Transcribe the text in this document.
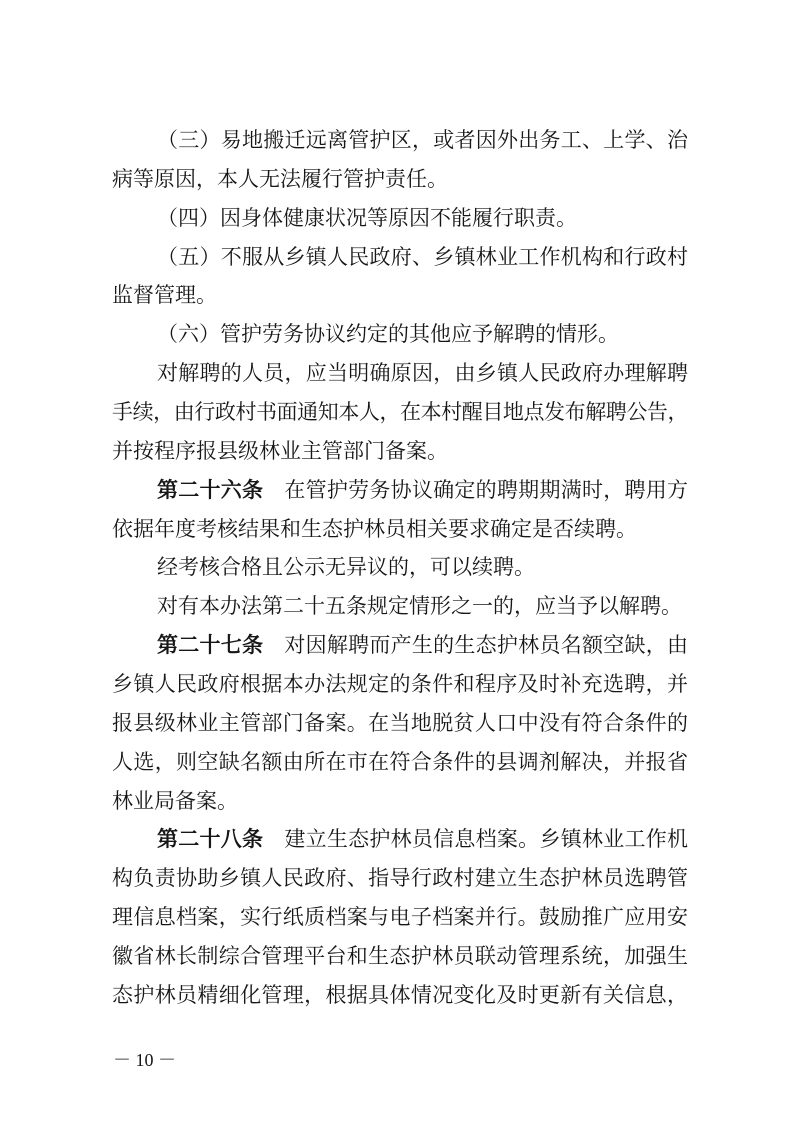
（三）易地搬迁远离管护区，或者因外出务工、上学、治
病等原因，本人无法履行管护责任。
（四）因身体健康状况等原因不能履行职责。
（五）不服从乡镇人民政府、乡镇林业工作机构和行政村
监督管理。
（六）管护劳务协议约定的其他应予解聘的情形。
对解聘的人员，应当明确原因，由乡镇人民政府办理解聘
手续，由行政村书面通知本人，在本村醒目地点发布解聘公告，
并按程序报县级林业主管部门备案。
第二十六条 在管护劳务协议确定的聘期期满时，聘用方
依据年度考核结果和生态护林员相关要求确定是否续聘。
经考核合格且公示无异议的，可以续聘。
对有本办法第二十五条规定情形之一的，应当予以解聘。
第二十七条 对因解聘而产生的生态护林员名额空缺，由
乡镇人民政府根据本办法规定的条件和程序及时补充选聘，并
报县级林业主管部门备案。在当地脱贫人口中没有符合条件的
人选，则空缺名额由所在市在符合条件的县调剂解决，并报省
林业局备案。
第二十八条 建立生态护林员信息档案。乡镇林业工作机
构负责协助乡镇人民政府、指导行政村建立生态护林员选聘管
理信息档案，实行纸质档案与电子档案并行。鼓励推广应用安
徽省林长制综合管理平台和生态护林员联动管理系统，加强生
态护林员精细化管理，根据具体情况变化及时更新有关信息，
－ 10 －
